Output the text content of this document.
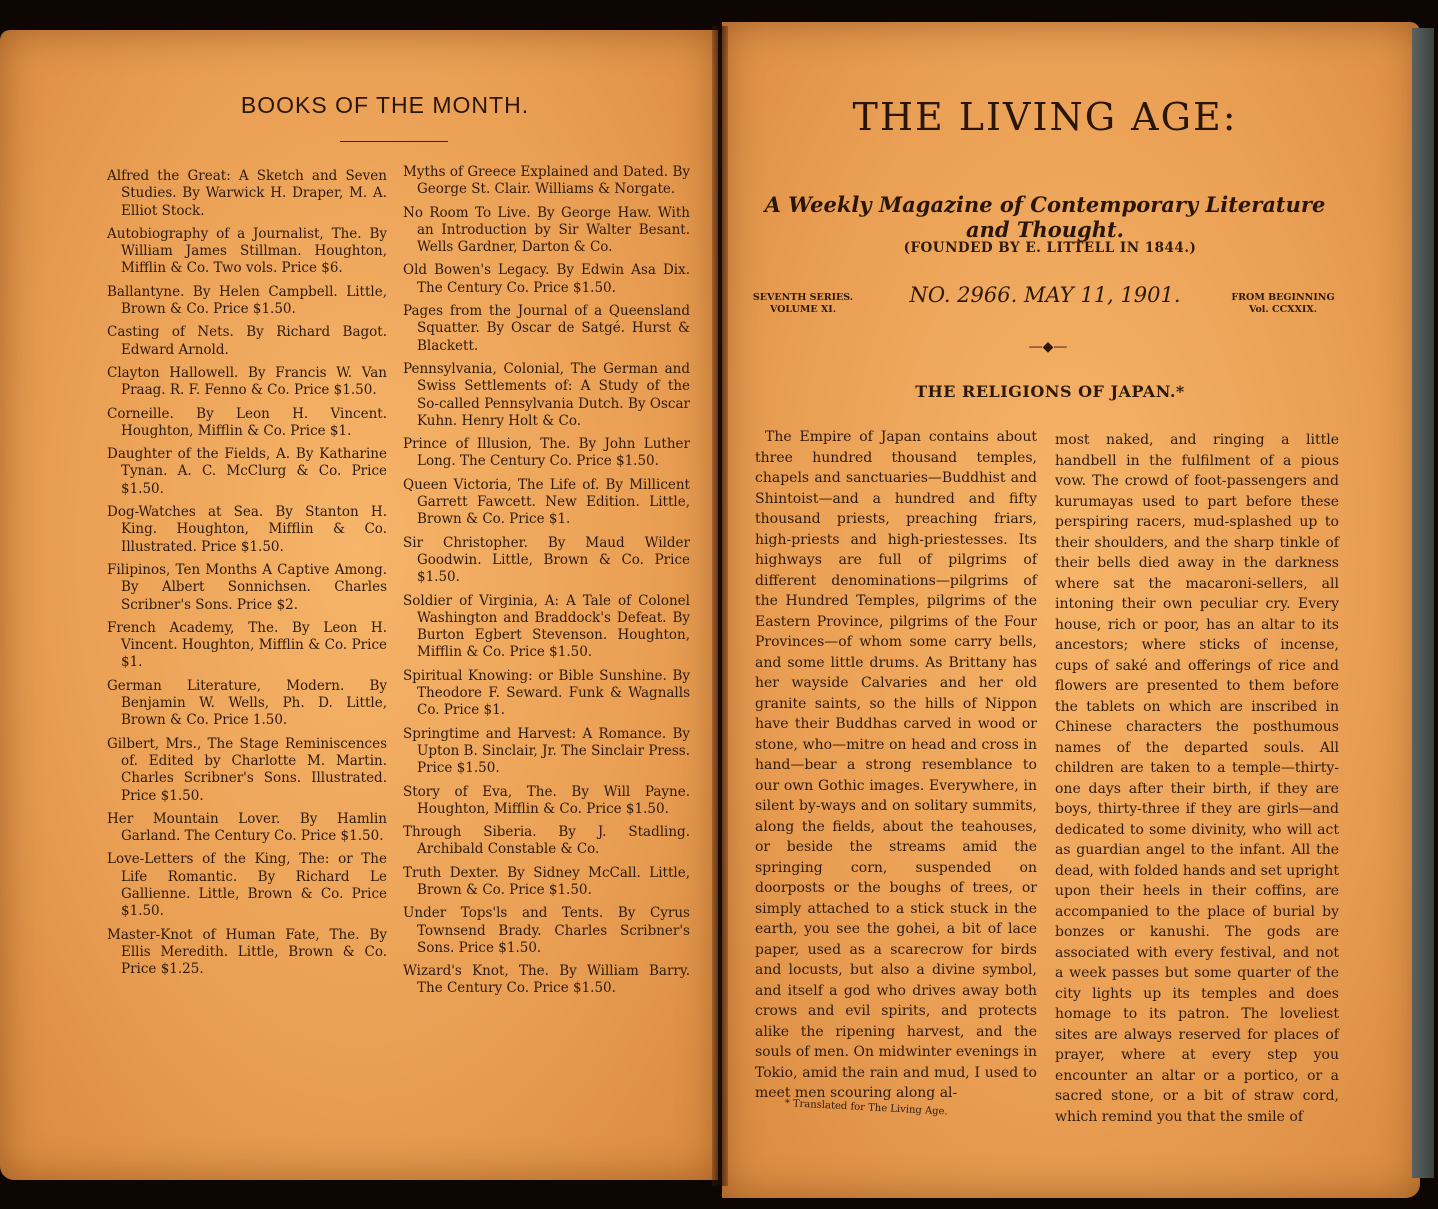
BOOKS OF THE MONTH.
Alfred the Great: A Sketch and Seven Studies. By Warwick H. Draper, M. A. Elliot Stock.
Autobiography of a Journalist, The. By William James Stillman. Houghton, Mifflin & Co. Two vols. Price $6.
Ballantyne. By Helen Campbell. Little, Brown & Co. Price $1.50.
Casting of Nets. By Richard Bagot. Edward Arnold.
Clayton Hallowell. By Francis W. Van Praag. R. F. Fenno & Co. Price $1.50.
Corneille. By Leon H. Vincent. Houghton, Mifflin & Co. Price $1.
Daughter of the Fields, A. By Katharine Tynan. A. C. McClurg & Co. Price $1.50.
Dog-Watches at Sea. By Stanton H. King. Houghton, Mifflin & Co. Illustrated. Price $1.50.
Filipinos, Ten Months A Captive Among. By Albert Sonnichsen. Charles Scribner's Sons. Price $2.
French Academy, The. By Leon H. Vincent. Houghton, Mifflin & Co. Price $1.
German Literature, Modern. By Benjamin W. Wells, Ph. D. Little, Brown & Co. Price 1.50.
Gilbert, Mrs., The Stage Reminiscences of. Edited by Charlotte M. Martin. Charles Scribner's Sons. Illustrated. Price $1.50.
Her Mountain Lover. By Hamlin Garland. The Century Co. Price $1.50.
Love-Letters of the King, The: or The Life Romantic. By Richard Le Gallienne. Little, Brown & Co. Price $1.50.
Master-Knot of Human Fate, The. By Ellis Meredith. Little, Brown & Co. Price $1.25.
Myths of Greece Explained and Dated. By George St. Clair. Williams & Norgate.
No Room To Live. By George Haw. With an Introduction by Sir Walter Besant. Wells Gardner, Darton & Co.
Old Bowen's Legacy. By Edwin Asa Dix. The Century Co. Price $1.50.
Pages from the Journal of a Queensland Squatter. By Oscar de Satgé. Hurst & Blackett.
Pennsylvania, Colonial, The German and Swiss Settlements of: A Study of the So-called Pennsylvania Dutch. By Oscar Kuhn. Henry Holt & Co.
Prince of Illusion, The. By John Luther Long. The Century Co. Price $1.50.
Queen Victoria, The Life of. By Millicent Garrett Fawcett. New Edition. Little, Brown & Co. Price $1.
Sir Christopher. By Maud Wilder Goodwin. Little, Brown & Co. Price $1.50.
Soldier of Virginia, A: A Tale of Colonel Washington and Braddock's Defeat. By Burton Egbert Stevenson. Houghton, Mifflin & Co. Price $1.50.
Spiritual Knowing: or Bible Sunshine. By Theodore F. Seward. Funk & Wagnalls Co. Price $1.
Springtime and Harvest: A Romance. By Upton B. Sinclair, Jr. The Sinclair Press. Price $1.50.
Story of Eva, The. By Will Payne. Houghton, Mifflin & Co. Price $1.50.
Through Siberia. By J. Stadling. Archibald Constable & Co.
Truth Dexter. By Sidney McCall. Little, Brown & Co. Price $1.50.
Under Tops'ls and Tents. By Cyrus Townsend Brady. Charles Scribner's Sons. Price $1.50.
Wizard's Knot, The. By William Barry. The Century Co. Price $1.50.
THE LIVING AGE:
A Weekly Magazine of Contemporary Literature and Thought.
(FOUNDED BY E. LITTELL IN 1844.)
SEVENTH SERIES.
VOLUME XI.
NO. 2966. MAY 11, 1901.	FROM BEGINNING
Vol. CCXXIX.
—◆—
THE RELIGIONS OF JAPAN.*
The Empire of Japan contains about three hundred thousand temples, chapels and sanctuaries—Buddhist and Shintoist—and a hundred and fifty thousand priests, preaching friars, high-priests and high-priestesses. Its highways are full of pilgrims of different denominations—pilgrims of the Hundred Temples, pilgrims of the Eastern Province, pilgrims of the Four Provinces—of whom some carry bells, and some little drums. As Brittany has her wayside Calvaries and her old granite saints, so the hills of Nippon have their Buddhas carved in wood or stone, who—mitre on head and cross in hand—bear a strong resemblance to our own Gothic images. Everywhere, in silent by-ways and on solitary summits, along the fields, about the teahouses, or beside the streams amid the springing corn, suspended on doorposts or the boughs of trees, or simply attached to a stick stuck in the earth, you see the gohei, a bit of lace paper, used as a scarecrow for birds and locusts, but also a divine symbol, and itself a god who drives away both crows and evil spirits, and protects alike the ripening harvest, and the souls of men. On midwinter evenings in Tokio, amid the rain and mud, I used to meet men scouring along al-
most naked, and ringing a little handbell in the fulfilment of a pious vow. The crowd of foot-passengers and kurumayas used to part before these perspiring racers, mud-splashed up to their shoulders, and the sharp tinkle of their bells died away in the darkness where sat the macaroni-sellers, all intoning their own peculiar cry. Every house, rich or poor, has an altar to its ancestors; where sticks of incense, cups of saké and offerings of rice and flowers are presented to them before the tablets on which are inscribed in Chinese characters the posthumous names of the departed souls. All children are taken to a temple—thirty-one days after their birth, if they are boys, thirty-three if they are girls—and dedicated to some divinity, who will act as guardian angel to the infant. All the dead, with folded hands and set upright upon their heels in their coffins, are accompanied to the place of burial by bonzes or kanushi. The gods are associated with every festival, and not a week passes but some quarter of the city lights up its temples and does homage to its patron. The loveliest sites are always reserved for places of prayer, where at every step you encounter an altar or a portico, or a sacred stone, or a bit of straw cord, which remind you that the smile of
* Translated for The Living Age.
